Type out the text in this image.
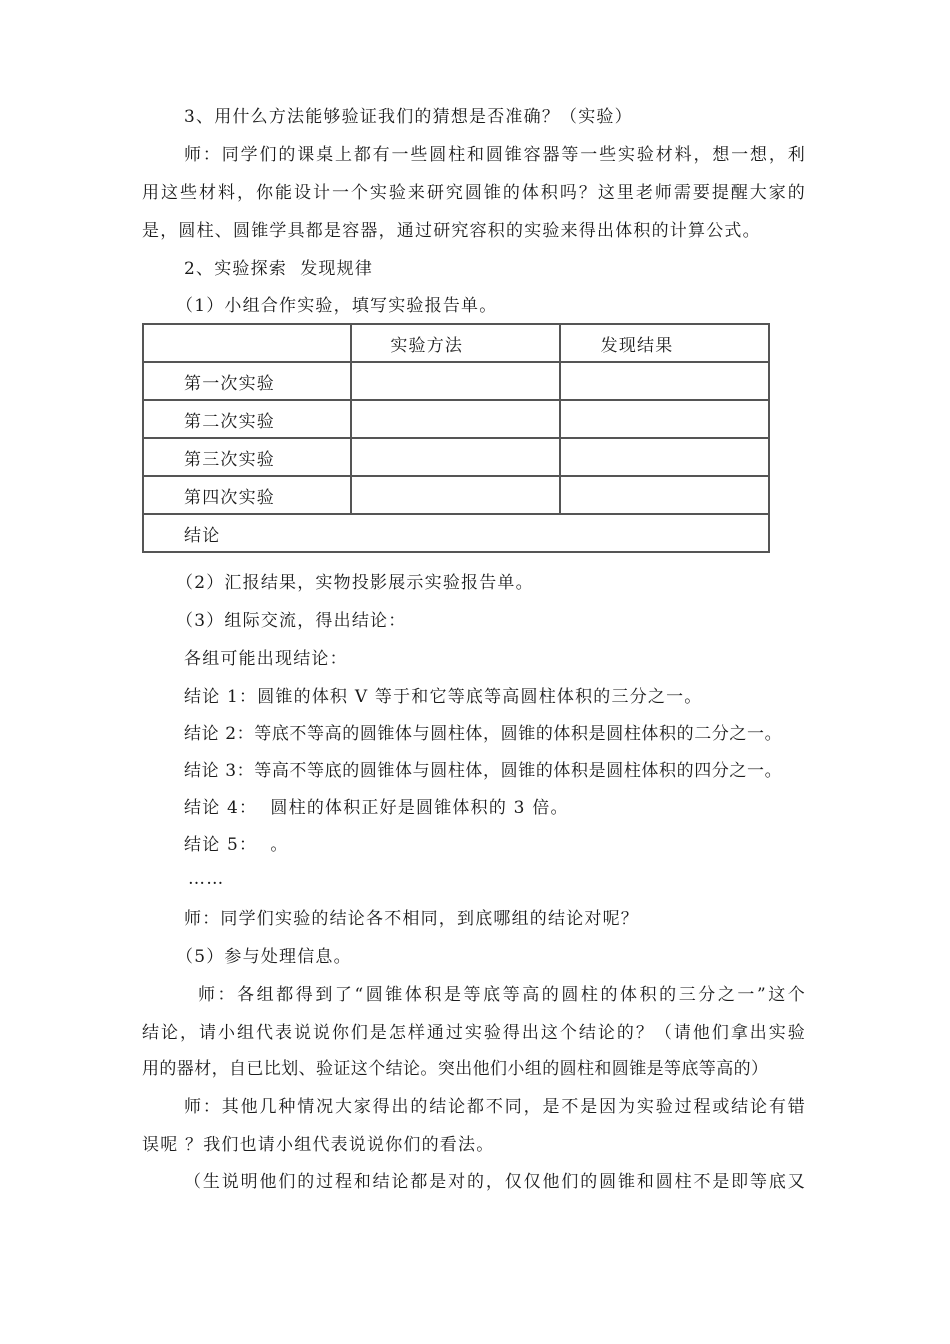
3、用什么方法能够验证我们的猜想是否准确？（实验）
师：同学们的课桌上都有一些圆柱和圆锥容器等一些实验材料，想一想，利
用这些材料，你能设计一个实验来研究圆锥的体积吗？这里老师需要提醒大家的
是，圆柱、圆锥学具都是容器，通过研究容积的实验来得出体积的计算公式。
2、实验探索  发现规律
（1）小组合作实验，填写实验报告单。
	实验方法	发现结果
第一次实验		
第二次实验		
第三次实验		
第四次实验		
结论		
（2）汇报结果，实物投影展示实验报告单。
（3）组际交流，得出结论：
各组可能出现结论：
结论 1：圆锥的体积 V 等于和它等底等高圆柱体积的三分之一。
结论 2：等底不等高的圆锥体与圆柱体，圆锥的体积是圆柱体积的二分之一。
结论 3：等高不等底的圆锥体与圆柱体，圆锥的体积是圆柱体积的四分之一。
结论 4：  圆柱的体积正好是圆锥体积的 3 倍。
结论 5：  。
……
师：同学们实验的结论各不相同，到底哪组的结论对呢？
（5）参与处理信息。
师：各组都得到了“圆锥体积是等底等高的圆柱的体积的三分之一”这个
结论，请小组代表说说你们是怎样通过实验得出这个结论的？（请他们拿出实验
用的器材，自已比划、验证这个结论。突出他们小组的圆柱和圆锥是等底等高的）
师：其他几种情况大家得出的结论都不同，是不是因为实验过程或结论有错
误呢 ？我们也请小组代表说说你们的看法。
（生说明他们的过程和结论都是对的，仅仅他们的圆锥和圆柱不是即等底又
